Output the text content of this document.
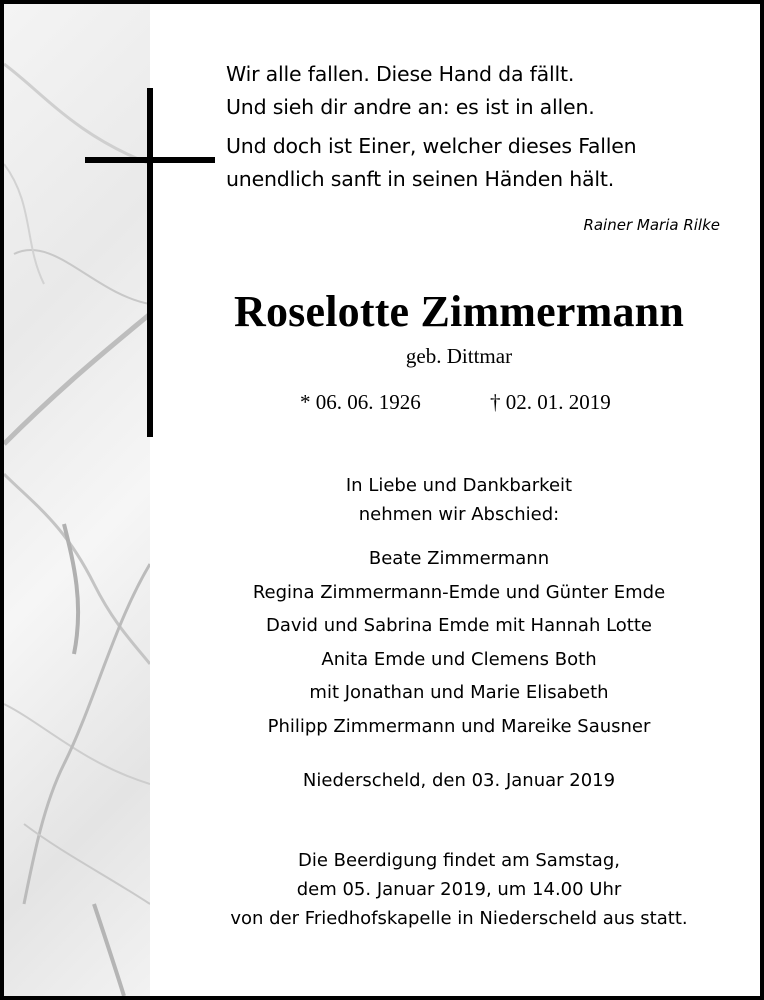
Wir alle fallen. Diese Hand da fällt.
Und sieh dir andre an: es ist in allen.
Und doch ist Einer, welcher dieses Fallen
unendlich sanft in seinen Händen hält.
Rainer Maria Rilke
Roselotte Zimmermann
geb. Dittmar
* 06. 06. 1926	† 02. 01. 2019
In Liebe und Dankbarkeit
nehmen wir Abschied:
Beate Zimmermann
Regina Zimmermann-Emde und Günter Emde
David und Sabrina Emde mit Hannah Lotte
Anita Emde und Clemens Both
mit Jonathan und Marie Elisabeth
Philipp Zimmermann und Mareike Sausner
Niederscheld, den 03. Januar 2019
Die Beerdigung findet am Samstag,
dem 05. Januar 2019, um 14.00 Uhr
von der Friedhofskapelle in Niederscheld aus statt.
